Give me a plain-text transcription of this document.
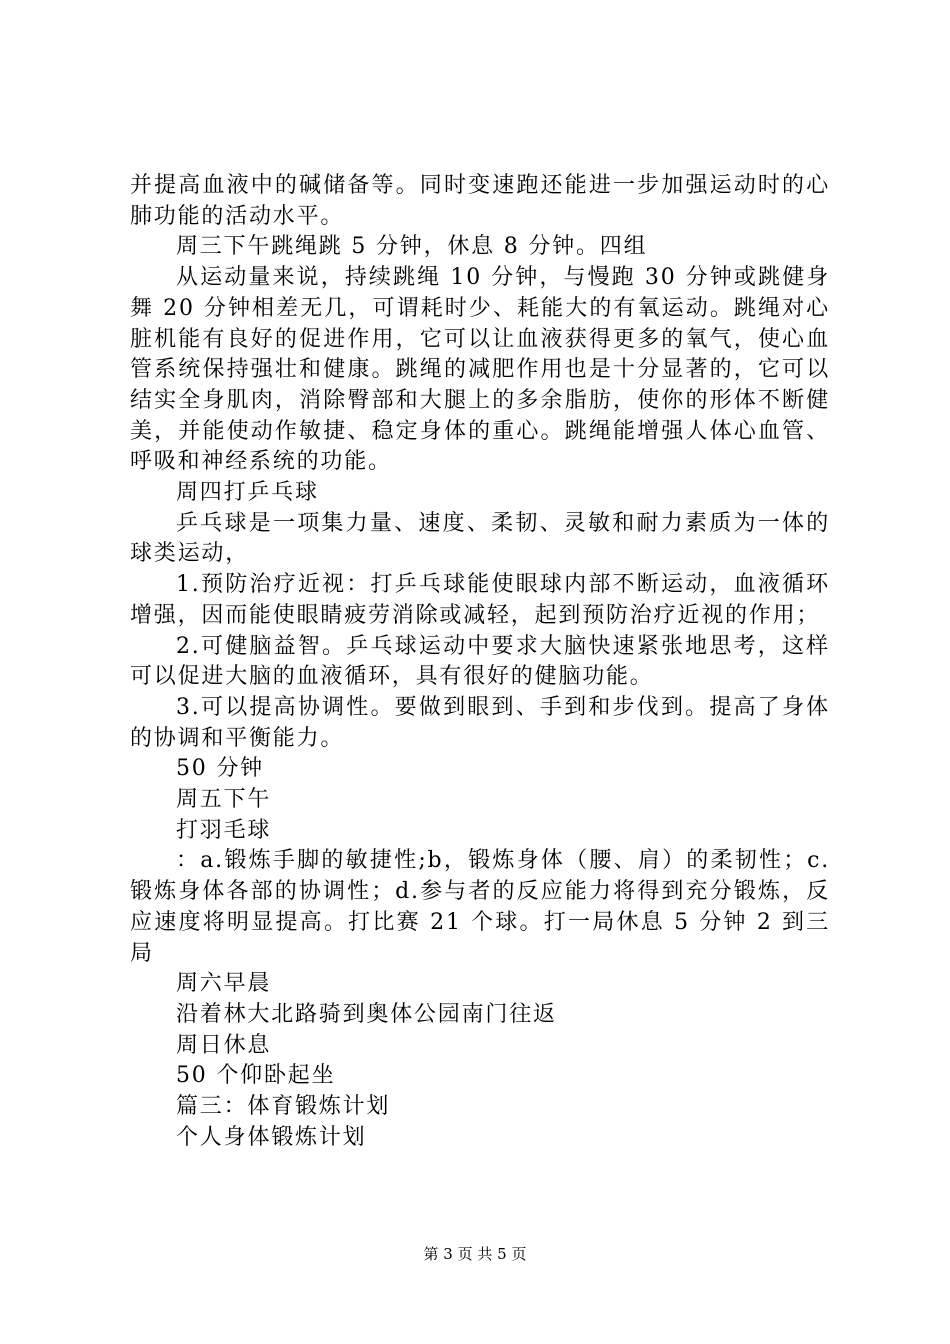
并提高血液中的碱储备等。同时变速跑还能进一步加强运动时的心肺功能的活动水平。

周三下午跳绳跳 5 分钟，休息 8 分钟。四组

从运动量来说，持续跳绳 10 分钟，与慢跑 30 分钟或跳健身舞 20 分钟相差无几，可谓耗时少、耗能大的有氧运动。跳绳对心脏机能有良好的促进作用，它可以让血液获得更多的氧气，使心血管系统保持强壮和健康。跳绳的减肥作用也是十分显著的，它可以结实全身肌肉，消除臀部和大腿上的多余脂肪，使你的形体不断健美，并能使动作敏捷、稳定身体的重心。跳绳能增强人体心血管、呼吸和神经系统的功能。

周四打乒乓球

乒乓球是一项集力量、速度、柔韧、灵敏和耐力素质为一体的球类运动，

1.预防治疗近视：打乒乓球能使眼球内部不断运动，血液循环增强，因而能使眼睛疲劳消除或减轻，起到预防治疗近视的作用；

2.可健脑益智。乒乓球运动中要求大脑快速紧张地思考，这样可以促进大脑的血液循环，具有很好的健脑功能。

3.可以提高协调性。要做到眼到、手到和步伐到。提高了身体的协调和平衡能力。

50 分钟

周五下午

打羽毛球

：a.锻炼手脚的敏捷性;b，锻炼身体（腰、肩）的柔韧性；c.锻炼身体各部的协调性；d.参与者的反应能力将得到充分锻炼，反应速度将明显提高。打比赛 21 个球。打一局休息 5 分钟 2 到三局

周六早晨

沿着林大北路骑到奥体公园南门往返

周日休息

50 个仰卧起坐

篇三：体育锻炼计划

个人身体锻炼计划

第 3 页 共 5 页
